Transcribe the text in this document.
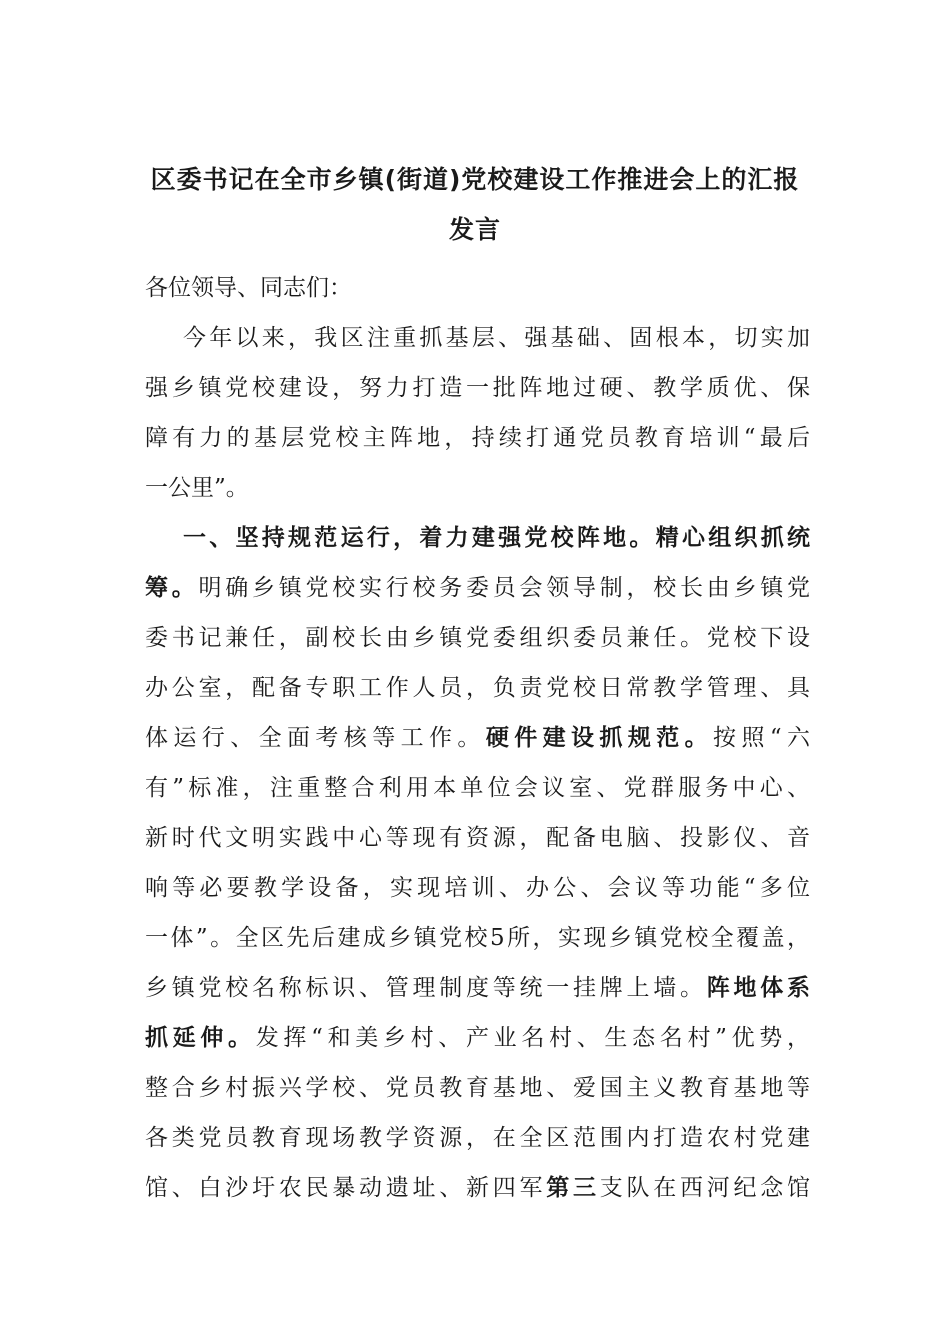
区委书记在全市乡镇(街道)党校建设工作推进会上的汇报
发言
各位领导、同志们：
今年以来，我区注重抓基层、强基础、固根本，切实加
强乡镇党校建设，努力打造一批阵地过硬、教学质优、保
障有力的基层党校主阵地，持续打通党员教育培训“最后
一公里”。
一、坚持规范运行，着力建强党校阵地。精心组织抓统
筹。明确乡镇党校实行校务委员会领导制，校长由乡镇党
委书记兼任，副校长由乡镇党委组织委员兼任。党校下设
办公室，配备专职工作人员，负责党校日常教学管理、具
体运行、全面考核等工作。硬件建设抓规范。按照“六
有”标准，注重整合利用本单位会议室、党群服务中心、
新时代文明实践中心等现有资源，配备电脑、投影仪、音
响等必要教学设备，实现培训、办公、会议等功能“多位
一体”。全区先后建成乡镇党校5所，实现乡镇党校全覆盖，
乡镇党校名称标识、管理制度等统一挂牌上墙。阵地体系
抓延伸。发挥“和美乡村、产业名村、生态名村”优势，
整合乡村振兴学校、党员教育基地、爱国主义教育基地等
各类党员教育现场教学资源，在全区范围内打造农村党建
馆、白沙圩农民暴动遗址、新四军第三支队在西河纪念馆
